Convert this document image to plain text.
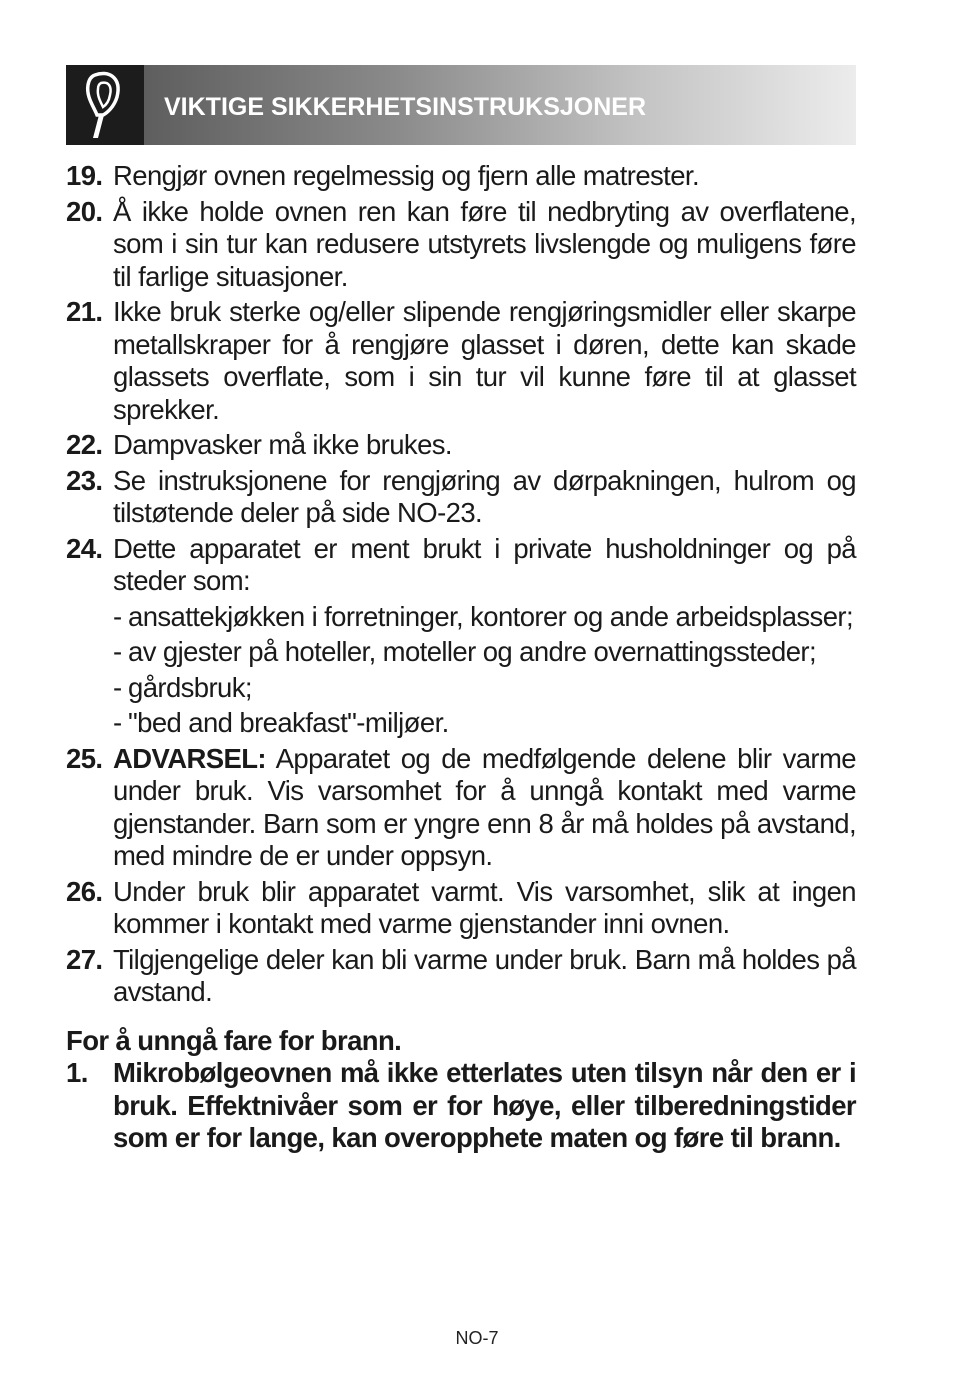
VIKTIGE SIKKERHETSINSTRUKSJONER
19. Rengjør ovnen regelmessig og fjern alle matrester.
20. Å ikke holde ovnen ren kan føre til nedbryting av overflatene, som i sin tur kan redusere utstyrets livslengde og muligens føre til farlige situasjoner.
21. Ikke bruk sterke og/eller slipende rengjøringsmidler eller skarpe metallskraper for å rengjøre glasset i døren, dette kan skade glassets overflate, som i sin tur vil kunne føre til at glasset sprekker.
22. Dampvasker må ikke brukes.
23. Se instruksjonene for rengjøring av dørpakningen, hulrom og tilstøtende deler på side NO-23.
24. Dette apparatet er ment brukt i private husholdninger og på steder som:
- ansattekjøkken i forretninger, kontorer og ande arbeidsplasser;
- av gjester på hoteller, moteller og andre overnattingssteder;
- gårdsbruk;
- "bed and breakfast"-miljøer.
25. ADVARSEL: Apparatet og de medfølgende delene blir varme under bruk. Vis varsomhet for å unngå kontakt med varme gjenstander. Barn som er yngre enn 8 år må holdes på avstand, med mindre de er under oppsyn.
26. Under bruk blir apparatet varmt. Vis varsomhet, slik at ingen kommer i kontakt med varme gjenstander inni ovnen.
27. Tilgjengelige deler kan bli varme under bruk. Barn må holdes på avstand.
For å unngå fare for brann.
1. Mikrobølgeovnen må ikke etterlates uten tilsyn når den er i bruk. Effektnivåer som er for høye, eller tilberedningstider som er for lange, kan overopphete maten og føre til brann.
NO-7
